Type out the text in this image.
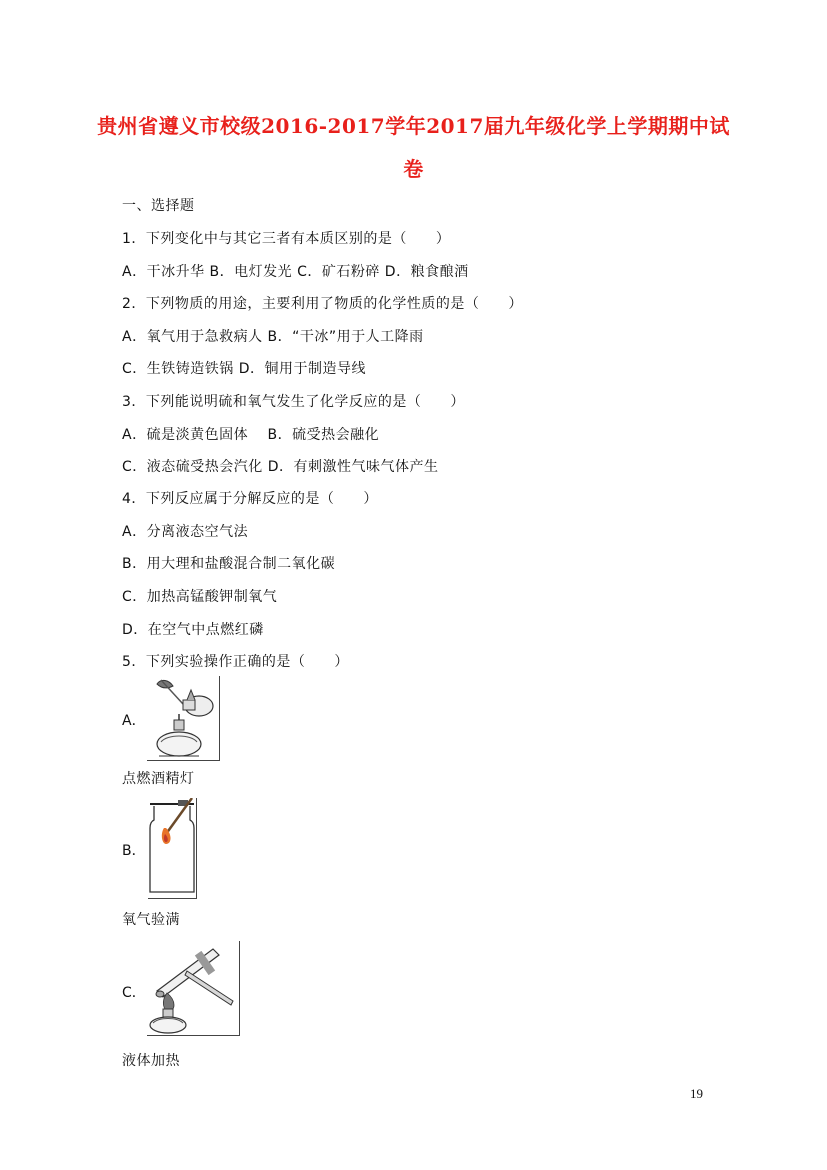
贵州省遵义市校级2016-2017学年2017届九年级化学上学期期中试
卷
一、选择题
1．下列变化中与其它三者有本质区别的是（　　）
A．干冰升华 B．电灯发光 C．矿石粉碎 D．粮食酿酒
2．下列物质的用途，主要利用了物质的化学性质的是（　　）
A．氧气用于急救病人 B．“干冰”用于人工降雨
C．生铁铸造铁锅 D．铜用于制造导线
3．下列能说明硫和氧气发生了化学反应的是（　　）
A．硫是淡黄色固体　 B．硫受热会融化
C．液态硫受热会汽化 D．有刺激性气味气体产生
4．下列反应属于分解反应的是（　　）
A．分离液态空气法
B．用大理和盐酸混合制二氧化碳
C．加热高锰酸钾制氧气
D．在空气中点燃红磷
5．下列实验操作正确的是（　　）
A．
点燃酒精灯
B．
氧气验满
C．
液体加热
19
